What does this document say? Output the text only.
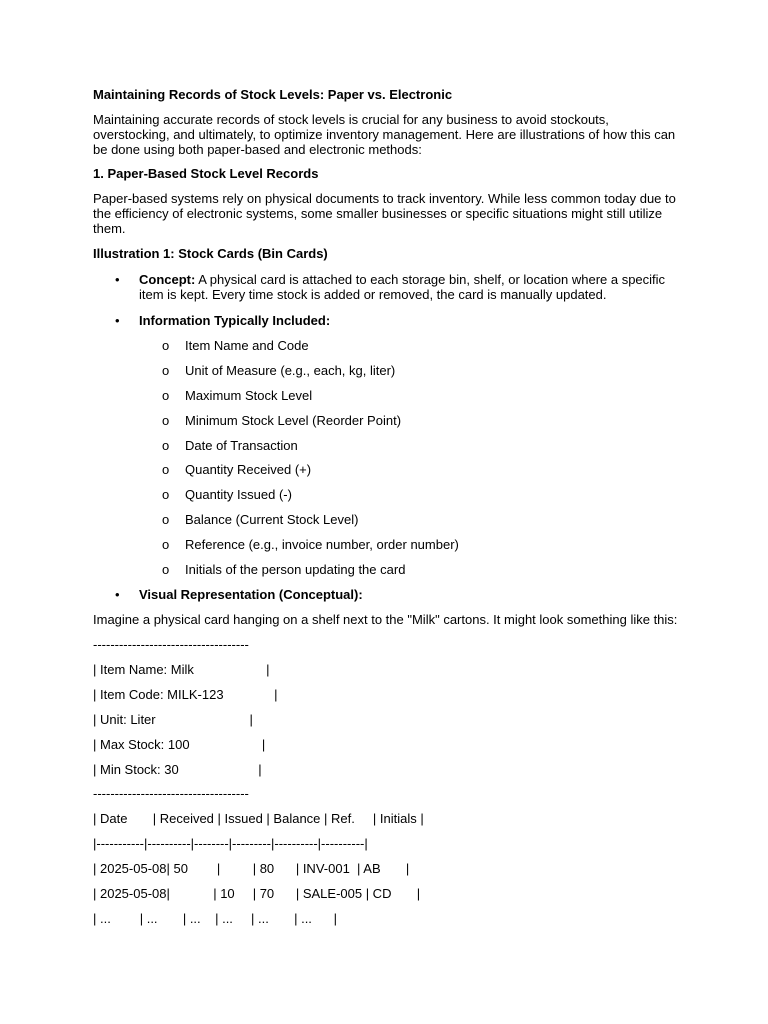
Maintaining Records of Stock Levels: Paper vs. Electronic
Maintaining accurate records of stock levels is crucial for any business to avoid stockouts, overstocking, and ultimately, to optimize inventory management. Here are illustrations of how this can be done using both paper-based and electronic methods:
1. Paper-Based Stock Level Records
Paper-based systems rely on physical documents to track inventory. While less common today due to the efficiency of electronic systems, some smaller businesses or specific situations might still utilize them.
Illustration 1: Stock Cards (Bin Cards)
• Concept: A physical card is attached to each storage bin, shelf, or location where a specific item is kept. Every time stock is added or removed, the card is manually updated.
• Information Typically Included:
o Item Name and Code
o Unit of Measure (e.g., each, kg, liter)
o Maximum Stock Level
o Minimum Stock Level (Reorder Point)
o Date of Transaction
o Quantity Received (+)
o Quantity Issued (-)
o Balance (Current Stock Level)
o Reference (e.g., invoice number, order number)
o Initials of the person updating the card
• Visual Representation (Conceptual):
Imagine a physical card hanging on a shelf next to the "Milk" cartons. It might look something like this:
------------------------------------
| Item Name: Milk                    |
| Item Code: MILK-123              |
| Unit: Liter                          |
| Max Stock: 100                    |
| Min Stock: 30                      |
------------------------------------
| Date       | Received | Issued | Balance | Ref.     | Initials |
|-----------|----------|--------|---------|----------|----------|
| 2025-05-08| 50        |         | 80      | INV-001  | AB       |
| 2025-05-08|            | 10     | 70      | SALE-005 | CD       |
| ...        | ...       | ...    | ...     | ...       | ...      |
